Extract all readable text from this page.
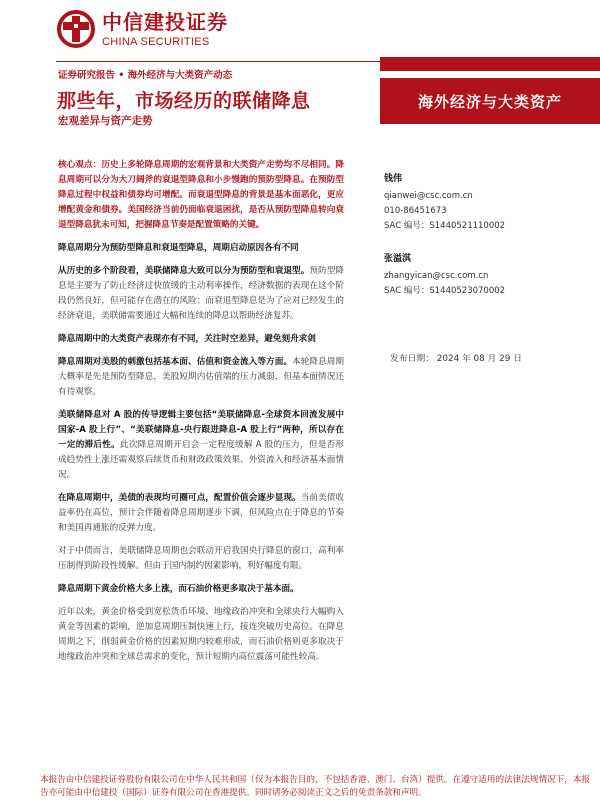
中信建投证券
CHINA SECURITIES
证券研究报告 • 海外经济与大类资产动态
那些年，市场经历的联储降息
宏观差异与资产走势
海外经济与大类资产
核心观点：历史上多轮降息周期的宏观背景和大类资产走势均不尽相同。降息周期可以分为大刀阔斧的衰退型降息和小步慢跑的预防型降息。在预防型降息过程中权益和债券均可增配。而衰退型降息的背景是基本面恶化，更应增配黄金和债券。美国经济当前仍面临衰退困扰，是否从预防型降息转向衰退型降息犹未可知，把握降息节奏是配置策略的关键。
降息周期分为预防型降息和衰退型降息，周期启动原因各有不同
从历史的多个阶段看，美联储降息大致可以分为预防型和衰退型。预防型降息是主要为了防止经济过快放缓的主动利率操作，经济数据的表现在这个阶段仍然良好，但可能存在潜在的风险；而衰退型降息是为了应对已经发生的经济衰退，美联储需要通过大幅和连续的降息以帮助经济复苏。
降息周期中的大类资产表现亦有不同，关注时空差异，避免刻舟求剑
降息周期对美股的刺激包括基本面、估值和资金流入等方面。本轮降息周期大概率是先是预防型降息，美股短期内估值端的压力减弱，但基本面情况还有待观察。
美联储降息对 A 股的传导逻辑主要包括“美联储降息-全球资本回流发展中国家-A 股上行”、“美联储降息-央行跟进降息-A 股上行”两种，所以存在一定的滞后性。此次降息周期开启会一定程度缓解 A 股的压力，但是否形成趋势性上涨还需观察后续货币和财政政策效果、外资流入和经济基本面情况。
在降息周期中，美债的表现均可圈可点，配置价值会逐步显现。当前美债收益率仍在高位，预计会伴随着降息周期逐步下调，但风险点在于降息的节奏和美国再通胀的反弹力度。
对于中债而言，美联储降息周期也会联动开启我国央行降息的窗口，高利率压制得到阶段性缓解。但由于国内制约因素影响，利好幅度有限。
降息周期下黄金价格大多上涨，而石油价格更多取决于基本面。
近年以来，黄金价格受到宽松货币环境、地缘政治冲突和全球央行大幅购入黄金等因素的影响，逆加息周期压制快速上行，接连突破历史高位。在降息周期之下，削弱黄金价格的因素短期内较难形成，而石油价格则更多取决于地缘政治冲突和全球总需求的变化，预计短期内高位震荡可能性较高。
钱伟
qianwei@csc.com.cn
010-86451673
SAC 编号：S1440521110002
张溢淇
zhangyican@csc.com.cn
SAC 编号：S1440523070002
发布日期： 2024 年 08 月 29 日
本报告由中信建投证券股份有限公司在中华人民共和国（仅为本报告目的，不包括香港、澳门、台湾）提供。在遵守适用的法律法规情况下，本报告亦可能由中信建投（国际）证券有限公司在香港提供。同时请务必阅读正文之后的免责条款和声明。
